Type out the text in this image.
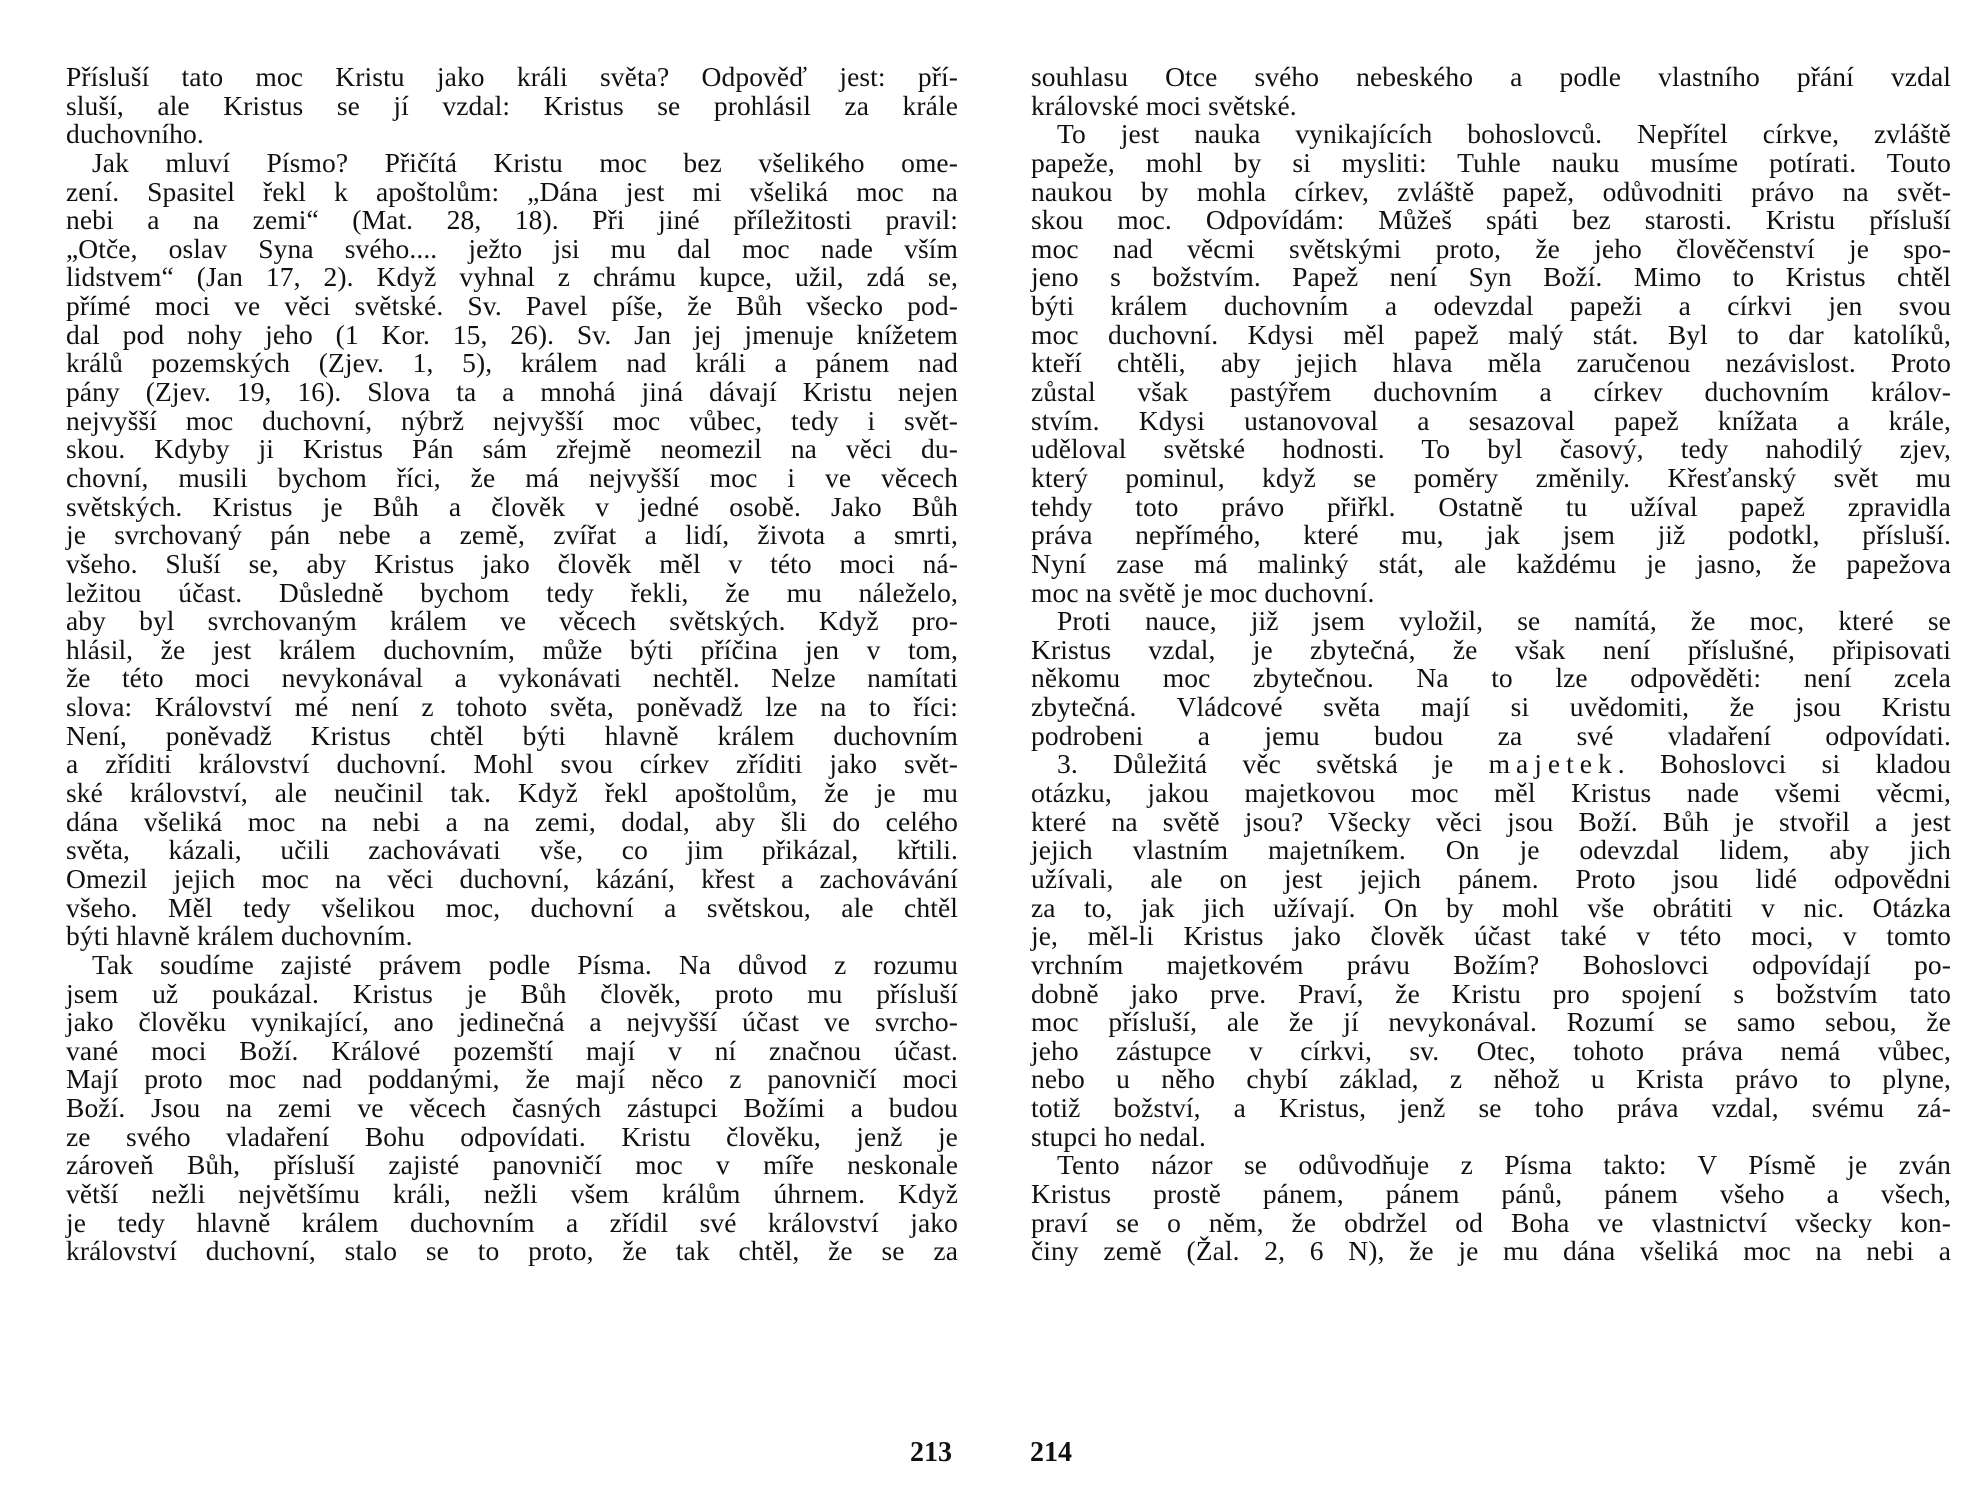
Přísluší tato moc Kristu jako králi světa? Odpověď jest: pří-
sluší, ale Kristus se jí vzdal: Kristus se prohlásil za krále
duchovního.
Jak mluví Písmo? Přičítá Kristu moc bez všelikého ome-
zení. Spasitel řekl k apoštolům: „Dána jest mi všeliká moc na
nebi a na zemi“ (Mat. 28, 18). Při jiné příležitosti pravil:
„Otče, oslav Syna svého.... ježto jsi mu dal moc nade vším
lidstvem“ (Jan 17, 2). Když vyhnal z chrámu kupce, užil, zdá se,
přímé moci ve věci světské. Sv. Pavel píše, že Bůh všecko pod-
dal pod nohy jeho (1 Kor. 15, 26). Sv. Jan jej jmenuje knížetem
králů pozemských (Zjev. 1, 5), králem nad králi a pánem nad
pány (Zjev. 19, 16). Slova ta a mnohá jiná dávají Kristu nejen
nejvyšší moc duchovní, nýbrž nejvyšší moc vůbec, tedy i svět-
skou. Kdyby ji Kristus Pán sám zřejmě neomezil na věci du-
chovní, musili bychom říci, že má nejvyšší moc i ve věcech
světských. Kristus je Bůh a člověk v jedné osobě. Jako Bůh
je svrchovaný pán nebe a země, zvířat a lidí, života a smrti,
všeho. Sluší se, aby Kristus jako člověk měl v této moci ná-
ležitou účast. Důsledně bychom tedy řekli, že mu náleželo,
aby byl svrchovaným králem ve věcech světských. Když pro-
hlásil, že jest králem duchovním, může býti příčina jen v tom,
že této moci nevykonával a vykonávati nechtěl. Nelze namítati
slova: Království mé není z tohoto světa, poněvadž lze na to říci:
Není, poněvadž Kristus chtěl býti hlavně králem duchovním
a zříditi království duchovní. Mohl svou církev zříditi jako svět-
ské království, ale neučinil tak. Když řekl apoštolům, že je mu
dána všeliká moc na nebi a na zemi, dodal, aby šli do celého
světa, kázali, učili zachovávati vše, co jim přikázal, křtili.
Omezil jejich moc na věci duchovní, kázání, křest a zachovávání
všeho. Měl tedy všelikou moc, duchovní a světskou, ale chtěl
býti hlavně králem duchovním.
Tak soudíme zajisté právem podle Písma. Na důvod z rozumu
jsem už poukázal. Kristus je Bůh člověk, proto mu přísluší
jako člověku vynikající, ano jedinečná a nejvyšší účast ve svrcho-
vané moci Boží. Králové pozemští mají v ní značnou účast.
Mají proto moc nad poddanými, že mají něco z panovničí moci
Boží. Jsou na zemi ve věcech časných zástupci Božími a budou
ze svého vladaření Bohu odpovídati. Kristu člověku, jenž je
zároveň Bůh, přísluší zajisté panovničí moc v míře neskonale
větší nežli největšímu králi, nežli všem králům úhrnem. Když
je tedy hlavně králem duchovním a zřídil své království jako
království duchovní, stalo se to proto, že tak chtěl, že se za
souhlasu Otce svého nebeského a podle vlastního přání vzdal
královské moci světské.
To jest nauka vynikajících bohoslovců. Nepřítel církve, zvláště
papeže, mohl by si mysliti: Tuhle nauku musíme potírati. Touto
naukou by mohla církev, zvláště papež, odůvodniti právo na svět-
skou moc. Odpovídám: Můžeš spáti bez starosti. Kristu přísluší
moc nad věcmi světskými proto, že jeho člověčenství je spo-
jeno s božstvím. Papež není Syn Boží. Mimo to Kristus chtěl
býti králem duchovním a odevzdal papeži a církvi jen svou
moc duchovní. Kdysi měl papež malý stát. Byl to dar katolíků,
kteří chtěli, aby jejich hlava měla zaručenou nezávislost. Proto
zůstal však pastýřem duchovním a církev duchovním králov-
stvím. Kdysi ustanovoval a sesazoval papež knížata a krále,
uděloval světské hodnosti. To byl časový, tedy nahodilý zjev,
který pominul, když se poměry změnily. Křesťanský svět mu
tehdy toto právo přiřkl. Ostatně tu užíval papež zpravidla
práva nepřímého, které mu, jak jsem již podotkl, přísluší.
Nyní zase má malinký stát, ale každému je jasno, že papežova
moc na světě je moc duchovní.
Proti nauce, již jsem vyložil, se namítá, že moc, které se
Kristus vzdal, je zbytečná, že však není příslušné, připisovati
někomu moc zbytečnou. Na to lze odpověděti: není zcela
zbytečná. Vládcové světa mají si uvědomiti, že jsou Kristu
podrobeni a jemu budou za své vladaření odpovídati.
3. Důležitá věc světská je majetek. Bohoslovci si kladou
otázku, jakou majetkovou moc měl Kristus nade všemi věcmi,
které na světě jsou? Všecky věci jsou Boží. Bůh je stvořil a jest
jejich vlastním majetníkem. On je odevzdal lidem, aby jich
užívali, ale on jest jejich pánem. Proto jsou lidé odpovědni
za to, jak jich užívají. On by mohl vše obrátiti v nic. Otázka
je, měl-li Kristus jako člověk účast také v této moci, v tomto
vrchním majetkovém právu Božím? Bohoslovci odpovídají po-
dobně jako prve. Praví, že Kristu pro spojení s božstvím tato
moc přísluší, ale že jí nevykonával. Rozumí se samo sebou, že
jeho zástupce v církvi, sv. Otec, tohoto práva nemá vůbec,
nebo u něho chybí základ, z něhož u Krista právo to plyne,
totiž božství, a Kristus, jenž se toho práva vzdal, svému zá-
stupci ho nedal.
Tento názor se odůvodňuje z Písma takto: V Písmě je zván
Kristus prostě pánem, pánem pánů, pánem všeho a všech,
praví se o něm, že obdržel od Boha ve vlastnictví všecky kon-
činy země (Žal. 2, 6 N), že je mu dána všeliká moc na nebi a
213	214
